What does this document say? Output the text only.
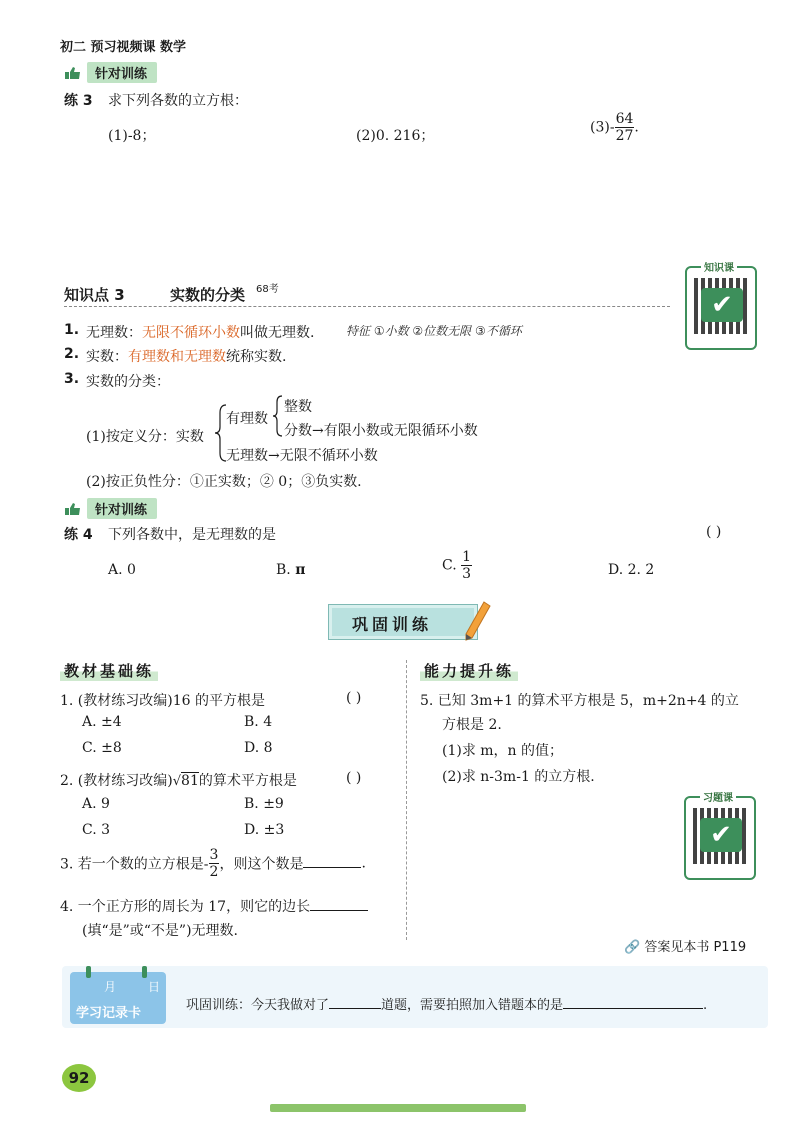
初二 预习视频课 数学
针对训练
练 3 求下列各数的立方根：
(1)-8；	(2)0. 216；
$(3)- \frac{64}{27}$ .
知识点 3	实数的分类 68考
知识课
✔
1. 无理数：无限不循环小数叫做无理数.	特征 ①小数 ②位数无限 ③不循环
2. 实数：有理数和无理数统称实数.
3. 实数的分类：
(1)按定义分：实数
有理数
整数
分数→有限小数或无限循环小数
无理数→无限不循环小数
(2)按正负性分：①正实数；② 0；③负实数.
针对训练
练 4 下列各数中，是无理数的是	( )
A. 0	B. π	C. $\frac{1}{3}$	D. 2. 2̇
巩固训练
教材基础练
1. (教材练习改编)16 的平方根是	( )
A. ±4	B. 4
C. ±8	D. 8
2. (教材练习改编)√81的算术平方根是	( )
A. 9	B. ±9
C. 3	D. ±3
3. 若一个数的立方根是- $\frac{3}{2}$ ，则这个数是	.
4. 一个正方形的周长为 17，则它的边长
(填“是”或“不是”)无理数.
能力提升练
5. 已知 3m+1 的算术平方根是 5，m+2n+4 的立
方根是 2.
(1)求 m，n 的值；
(2)求 n-3m-1 的立方根.
习题课
✔
🔗 答案见本书 P119
月	日
学习记录卡
巩固训练：今天我做对了	道题，需要拍照加入错题本的是	.
92
